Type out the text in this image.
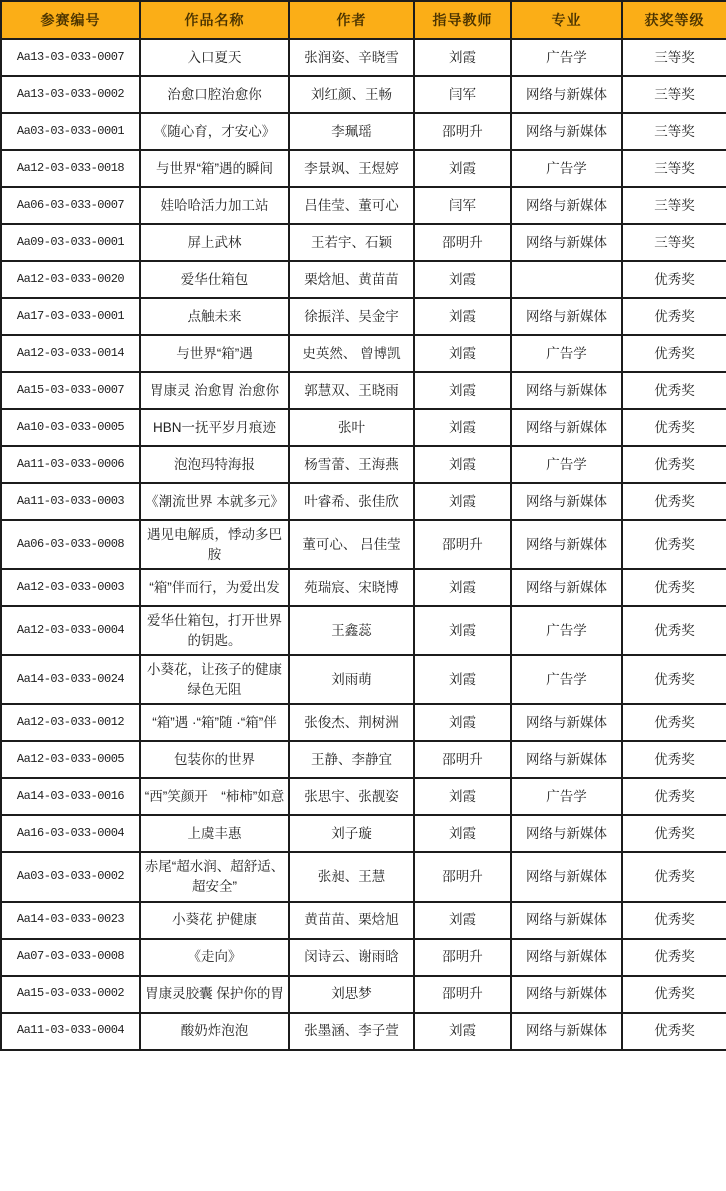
参赛编号	作品名称	作者	指导教师	专业	获奖等级
Aa13-03-033-0007	入口夏天	张润姿、辛晓雪	刘霞	广告学	三等奖
Aa13-03-033-0002	治愈口腔治愈你	刘红颜、王畅	闫军	网络与新媒体	三等奖
Aa03-03-033-0001	《随心育，才安心》	李珮瑶	邵明升	网络与新媒体	三等奖
Aa12-03-033-0018	与世界“箱”遇的瞬间	李景飒、王煜婷	刘霞	广告学	三等奖
Aa06-03-033-0007	娃哈哈活力加工站	吕佳莹、董可心	闫军	网络与新媒体	三等奖
Aa09-03-033-0001	屏上武林	王若宇、石颖	邵明升	网络与新媒体	三等奖
Aa12-03-033-0020	爱华仕箱包	栗焓旭、黄苗苗	刘霞		优秀奖
Aa17-03-033-0001	点触未来	徐振洋、吴金宇	刘霞	网络与新媒体	优秀奖
Aa12-03-033-0014	与世界“箱”遇	史英然、 曾博凯	刘霞	广告学	优秀奖
Aa15-03-033-0007	胃康灵 治愈胃 治愈你	郭慧双、王晓雨	刘霞	网络与新媒体	优秀奖
Aa10-03-033-0005	HBN一抚平岁月痕迹	张叶	刘霞	网络与新媒体	优秀奖
Aa11-03-033-0006	泡泡玛特海报	杨雪蕾、王海燕	刘霞	广告学	优秀奖
Aa11-03-033-0003	《潮流世界 本就多元》	叶睿希、张佳欣	刘霞	网络与新媒体	优秀奖
Aa06-03-033-0008	遇见电解质，悸动多巴胺	董可心、 吕佳莹	邵明升	网络与新媒体	优秀奖
Aa12-03-033-0003	“箱”伴而行，为爱出发	苑瑞宸、宋晓博	刘霞	网络与新媒体	优秀奖
Aa12-03-033-0004	爱华仕箱包，打开世界的钥匙。	王鑫蕊	刘霞	广告学	优秀奖
Aa14-03-033-0024	小葵花，让孩子的健康绿色无阻	刘雨萌	刘霞	广告学	优秀奖
Aa12-03-033-0012	“箱”遇 ·“箱”随 ·“箱”伴	张俊杰、荆树洲	刘霞	网络与新媒体	优秀奖
Aa12-03-033-0005	包装你的世界	王静、李静宜	邵明升	网络与新媒体	优秀奖
Aa14-03-033-0016	“西”笑颜开　“柿柿”如意	张思宇、张靓姿	刘霞	广告学	优秀奖
Aa16-03-033-0004	上虞丰惠	刘子璇	刘霞	网络与新媒体	优秀奖
Aa03-03-033-0002	赤尾“超水润、超舒适、超安全”	张昶、王慧	邵明升	网络与新媒体	优秀奖
Aa14-03-033-0023	小葵花 护健康	黄苗苗、栗焓旭	刘霞	网络与新媒体	优秀奖
Aa07-03-033-0008	《走向》	闵诗云、谢雨晗	邵明升	网络与新媒体	优秀奖
Aa15-03-033-0002	胃康灵胶囊 保护你的胃	刘思梦	邵明升	网络与新媒体	优秀奖
Aa11-03-033-0004	酸奶炸泡泡	张墨涵、李子萱	刘霞	网络与新媒体	优秀奖
